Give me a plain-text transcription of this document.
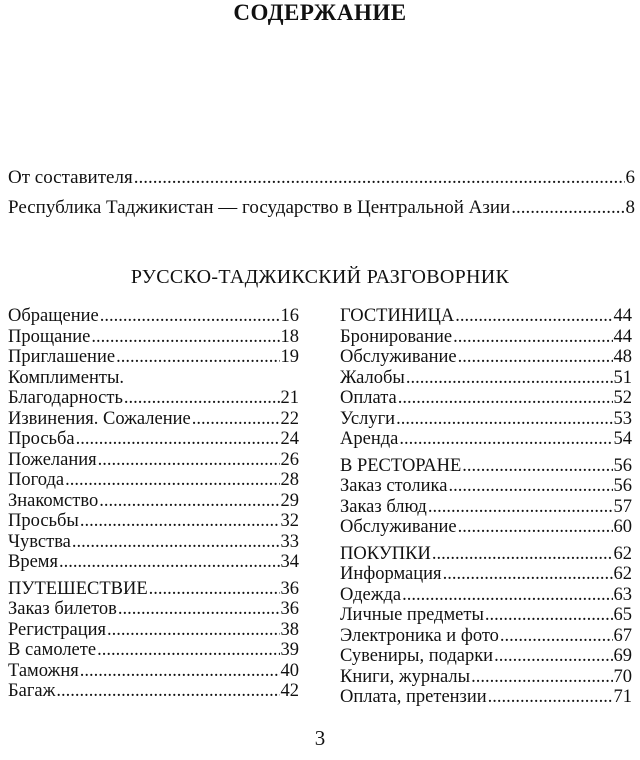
СОДЕРЖАНИЕ
От составителя .....	6
Республика Таджикистан — государство в Центральной Азии .....	8
РУССКО-ТАДЖИКСКИЙ РАЗГОВОРНИК
Обращение .....	16
Прощание .....	18
Приглашение .....	19
Комплименты.
Благодарность .....	21
Извинения. Сожаление .....	22
Просьба .....	24
Пожелания .....	26
Погода .....	28
Знакомство .....	29
Просьбы .....	32
Чувства .....	33
Время .....	34
ПУТЕШЕСТВИЕ .....	36
Заказ билетов .....	36
Регистрация .....	38
В самолете .....	39
Таможня .....	40
Багаж .....	42
ГОСТИНИЦА .....	44
Бронирование .....	44
Обслуживание .....	48
Жалобы .....	51
Оплата .....	52
Услуги .....	53
Аренда .....	54
В РЕСТОРАНЕ .....	56
Заказ столика .....	56
Заказ блюд .....	57
Обслуживание .....	60
ПОКУПКИ .....	62
Информация .....	62
Одежда .....	63
Личные предметы .....	65
Электроника и фото .....	67
Сувениры, подарки .....	69
Книги, журналы .....	70
Оплата, претензии .....	71
3
